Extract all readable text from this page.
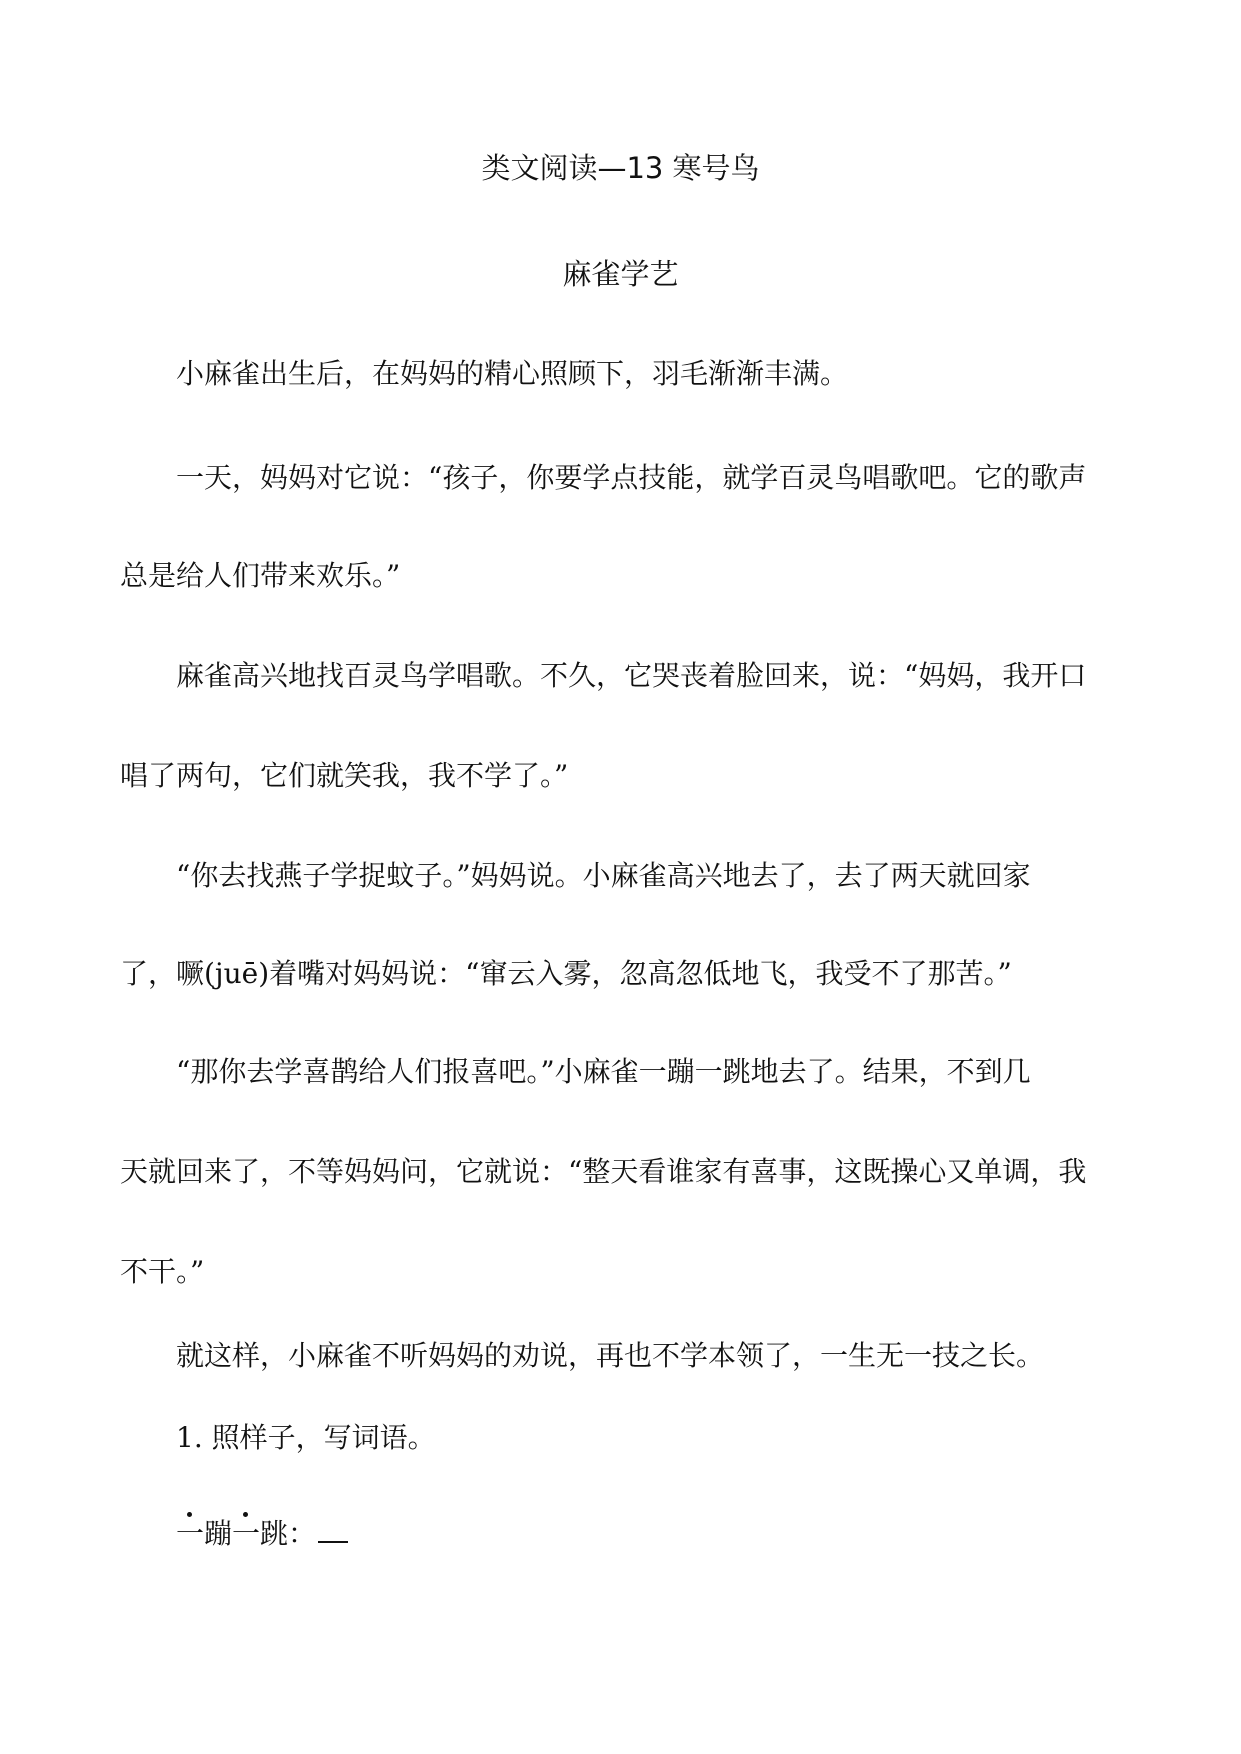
类文阅读—13 寒号鸟
麻雀学艺
小麻雀出生后，在妈妈的精心照顾下，羽毛渐渐丰满。
一天，妈妈对它说：“孩子，你要学点技能，就学百灵鸟唱歌吧。它的歌声
总是给人们带来欢乐。”
麻雀高兴地找百灵鸟学唱歌。不久，它哭丧着脸回来，说：“妈妈，我开口
唱了两句，它们就笑我，我不学了。”
“你去找燕子学捉蚊子。”妈妈说。小麻雀高兴地去了，去了两天就回家
了，噘(juē)着嘴对妈妈说：“窜云入雾，忽高忽低地飞，我受不了那苦。”
“那你去学喜鹊给人们报喜吧。”小麻雀一蹦一跳地去了。结果，不到几
天就回来了，不等妈妈问，它就说：“整天看谁家有喜事，这既操心又单调，我
不干。”
就这样，小麻雀不听妈妈的劝说，再也不学本领了，一生无一技之长。
1. 照样子，写词语。
一蹦一跳：
